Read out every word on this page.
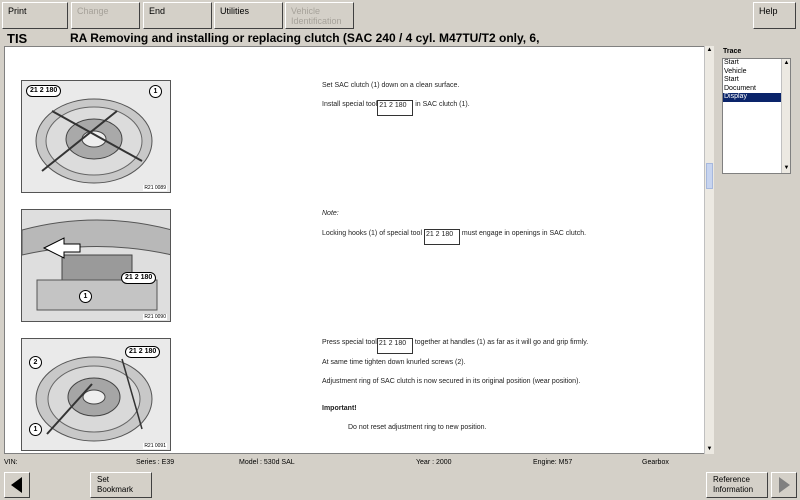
Print	Change	End	Utilities	Vehicle
Identification
Help
TIS	RA Removing and installing or replacing clutch (SAC 240 / 4 cyl. M47TU/T2 only, 6,
21 2 180	1
R21 0089
21 2 180
1
R21 0090
21 2 180
2
1
R21 0091
Set SAC clutch (1) down on a clean surface.
Install special tool 21 2 180 in SAC clutch (1).
Note:
Locking hooks (1) of special tool 21 2 180 must engage in openings in SAC clutch.
Press special tool 21 2 180 together at handles (1) as far as it will go and grip firmly.
At same time tighten down knurled screws (2).
Adjustment ring of SAC clutch is now secured in its original position (wear position).
Important!
Do not reset adjustment ring to new position.
▲
▼
Trace
Start
Vehicle
Start
Document
Display
▲
▼
VIN:	Series : E39	Model : 530d SAL	Year : 2000	Engine: M57	Gearbox
Set
Bookmark
Reference
Information
